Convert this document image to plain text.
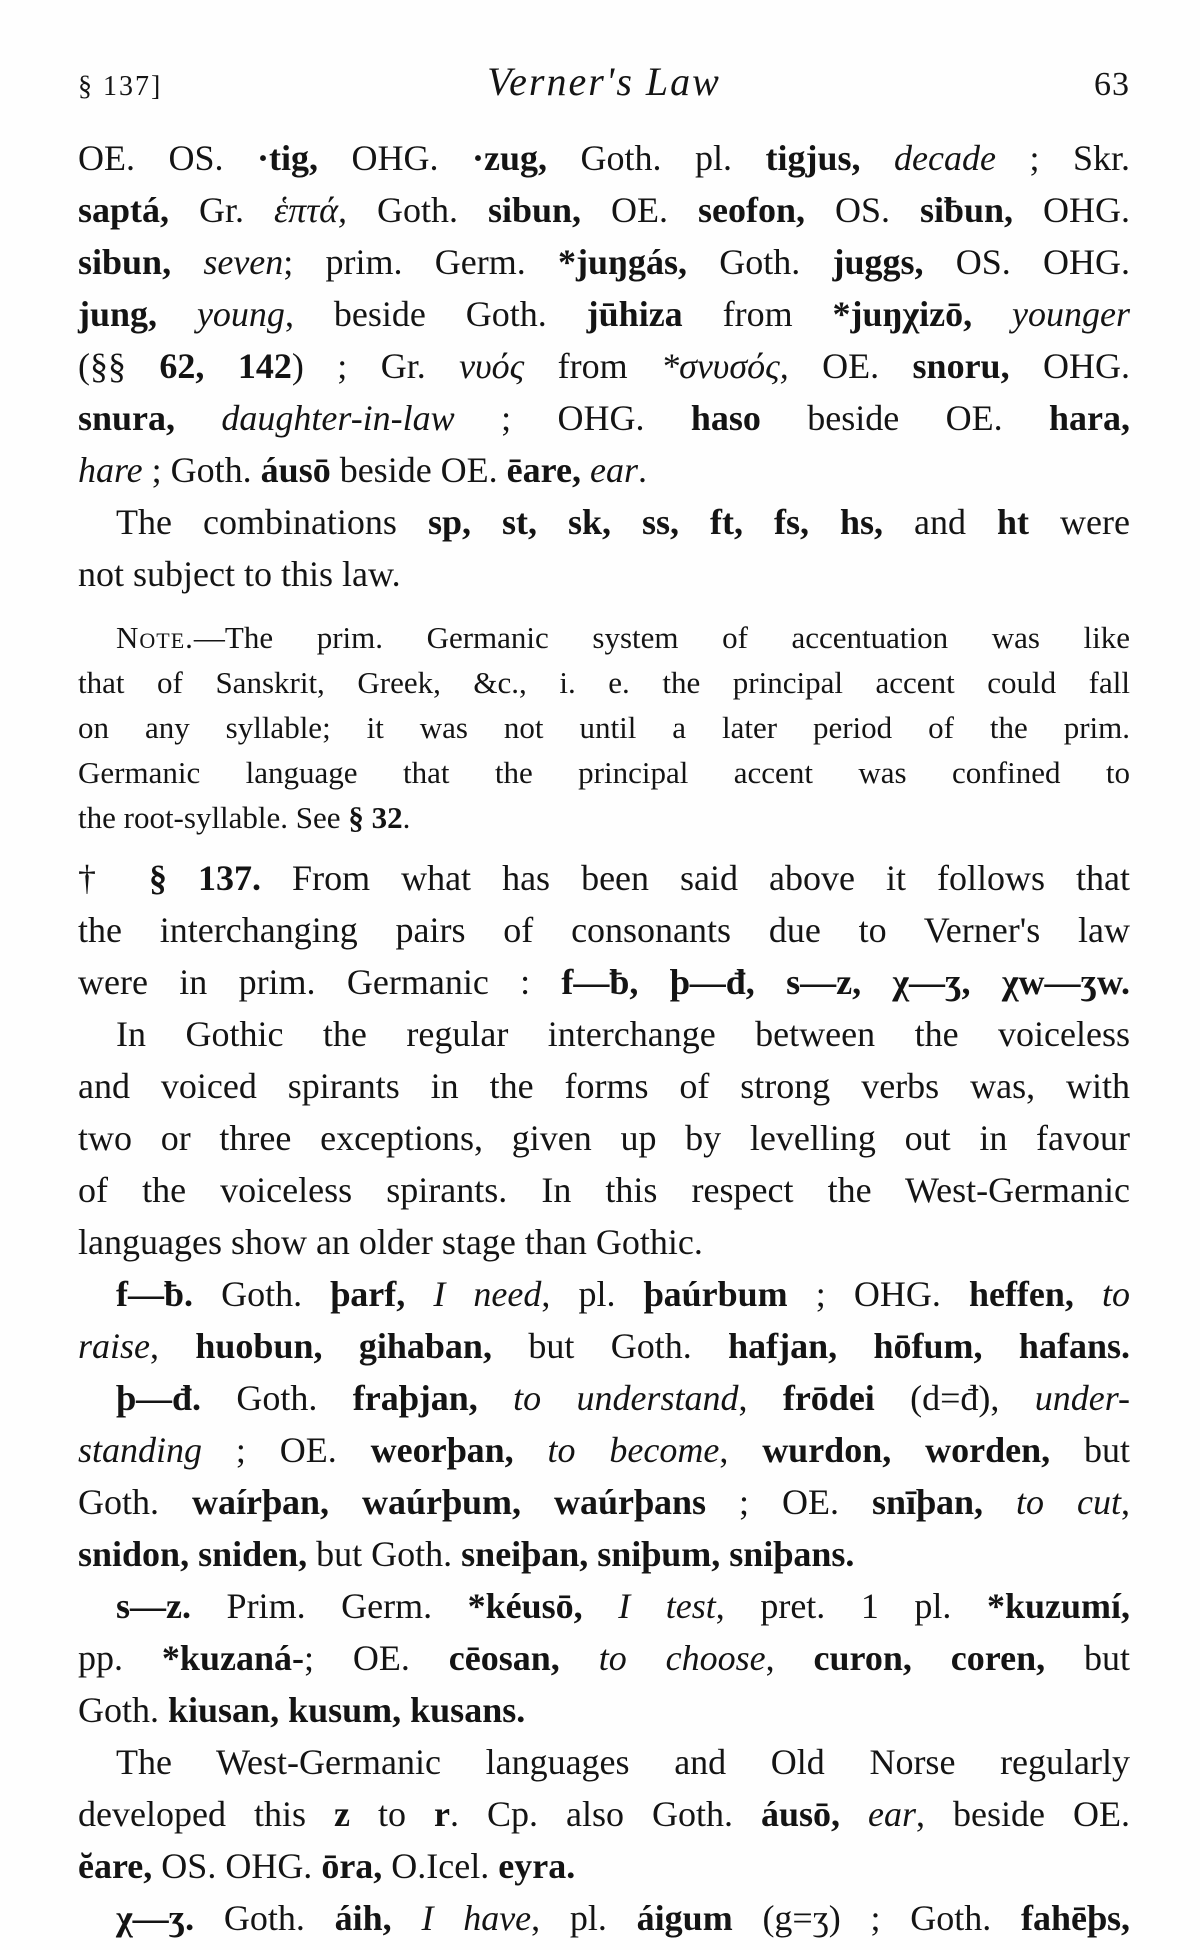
§ 137]	Verner's Law	63
OE. OS. ·tig, OHG. ·zug, Goth. pl. tigjus, decade ; Skr.
saptá, Gr. ἑπτά, Goth. sibun, OE. seofon, OS. siƀun, OHG.
sibun, seven; prim. Germ. *juŋgás, Goth. juggs, OS. OHG.
jung, young, beside Goth. jūhiza from *juŋχizō, younger
(§§ 62, 142) ; Gr. νυός from *σνυσός, OE. snoru, OHG.
snura, daughter-in-law ; OHG. haso beside OE. hara,
hare ; Goth. áusō beside OE. ēare, ear.
The combinations sp, st, sk, ss, ft, fs, hs, and ht were
not subject to this law.
Note.—The prim. Germanic system of accentuation was like
that of Sanskrit, Greek, &c., i. e. the principal accent could fall
on any syllable; it was not until a later period of the prim.
Germanic language that the principal accent was confined to
the root-syllable. See § 32.
† § 137. From what has been said above it follows that
the interchanging pairs of consonants due to Verner's law
were in prim. Germanic : f—ƀ, þ—đ, s—z, χ—ʒ, χw—ʒw.
In Gothic the regular interchange between the voiceless
and voiced spirants in the forms of strong verbs was, with
two or three exceptions, given up by levelling out in favour
of the voiceless spirants. In this respect the West-Germanic
languages show an older stage than Gothic.
f—ƀ. Goth. þarf, I need, pl. þaúrbum ; OHG. heffen, to
raise, huobun, gihaban, but Goth. hafjan, hōfum, hafans.
þ—đ. Goth. fraþjan, to understand, frōdei (d=đ), under-
standing ; OE. weorþan, to become, wurdon, worden, but
Goth. waírþan, waúrþum, waúrþans ; OE. snīþan, to cut,
snidon, sniden, but Goth. sneiþan, sniþum, sniþans.
s—z. Prim. Germ. *kéusō, I test, pret. 1 pl. *kuzumí,
pp. *kuzaná-; OE. cēosan, to choose, curon, coren, but
Goth. kiusan, kusum, kusans.
The West-Germanic languages and Old Norse regularly
developed this z to r. Cp. also Goth. áusō, ear, beside OE.
ĕare, OS. OHG. ōra, O.Icel. eyra.
χ—ʒ. Goth. áih, I have, pl. áigum (g=ʒ) ; Goth. fahēþs,
